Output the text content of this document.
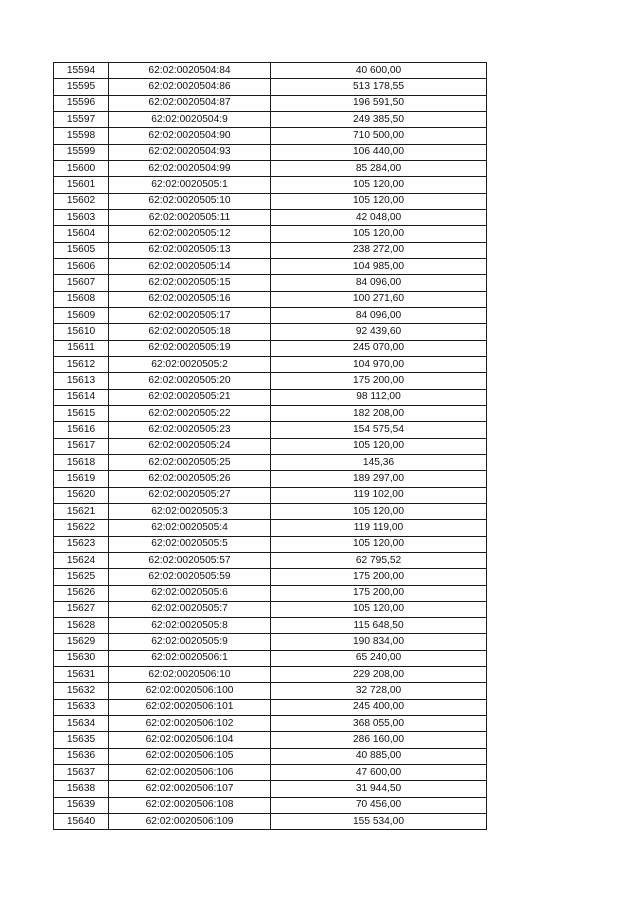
15594	62:02:0020504:84	40 600,00
15595	62:02:0020504:86	513 178,55
15596	62:02:0020504:87	196 591,50
15597	62:02:0020504:9	249 385,50
15598	62:02:0020504:90	710 500,00
15599	62:02:0020504:93	106 440,00
15600	62:02:0020504:99	85 284,00
15601	62:02:0020505:1	105 120,00
15602	62:02:0020505:10	105 120,00
15603	62:02:0020505:11	42 048,00
15604	62:02:0020505:12	105 120,00
15605	62:02:0020505:13	238 272,00
15606	62:02:0020505:14	104 985,00
15607	62:02:0020505:15	84 096,00
15608	62:02:0020505:16	100 271,60
15609	62:02:0020505:17	84 096,00
15610	62:02:0020505:18	92 439,60
15611	62:02:0020505:19	245 070,00
15612	62:02:0020505:2	104 970,00
15613	62:02:0020505:20	175 200,00
15614	62:02:0020505:21	98 112,00
15615	62:02:0020505:22	182 208,00
15616	62:02:0020505:23	154 575,54
15617	62:02:0020505:24	105 120,00
15618	62:02:0020505:25	145,36
15619	62:02:0020505:26	189 297,00
15620	62:02:0020505:27	119 102,00
15621	62:02:0020505:3	105 120,00
15622	62:02:0020505:4	119 119,00
15623	62:02:0020505:5	105 120,00
15624	62:02:0020505:57	62 795,52
15625	62:02:0020505:59	175 200,00
15626	62:02:0020505:6	175 200,00
15627	62:02:0020505:7	105 120,00
15628	62:02:0020505:8	115 648,50
15629	62:02:0020505:9	190 834,00
15630	62:02:0020506:1	65 240,00
15631	62:02:0020506:10	229 208,00
15632	62:02:0020506:100	32 728,00
15633	62:02:0020506:101	245 400,00
15634	62:02:0020506:102	368 055,00
15635	62:02:0020506:104	286 160,00
15636	62:02:0020506:105	40 885,00
15637	62:02:0020506:106	47 600,00
15638	62:02:0020506:107	31 944,50
15639	62:02:0020506:108	70 456,00
15640	62:02:0020506:109	155 534,00
